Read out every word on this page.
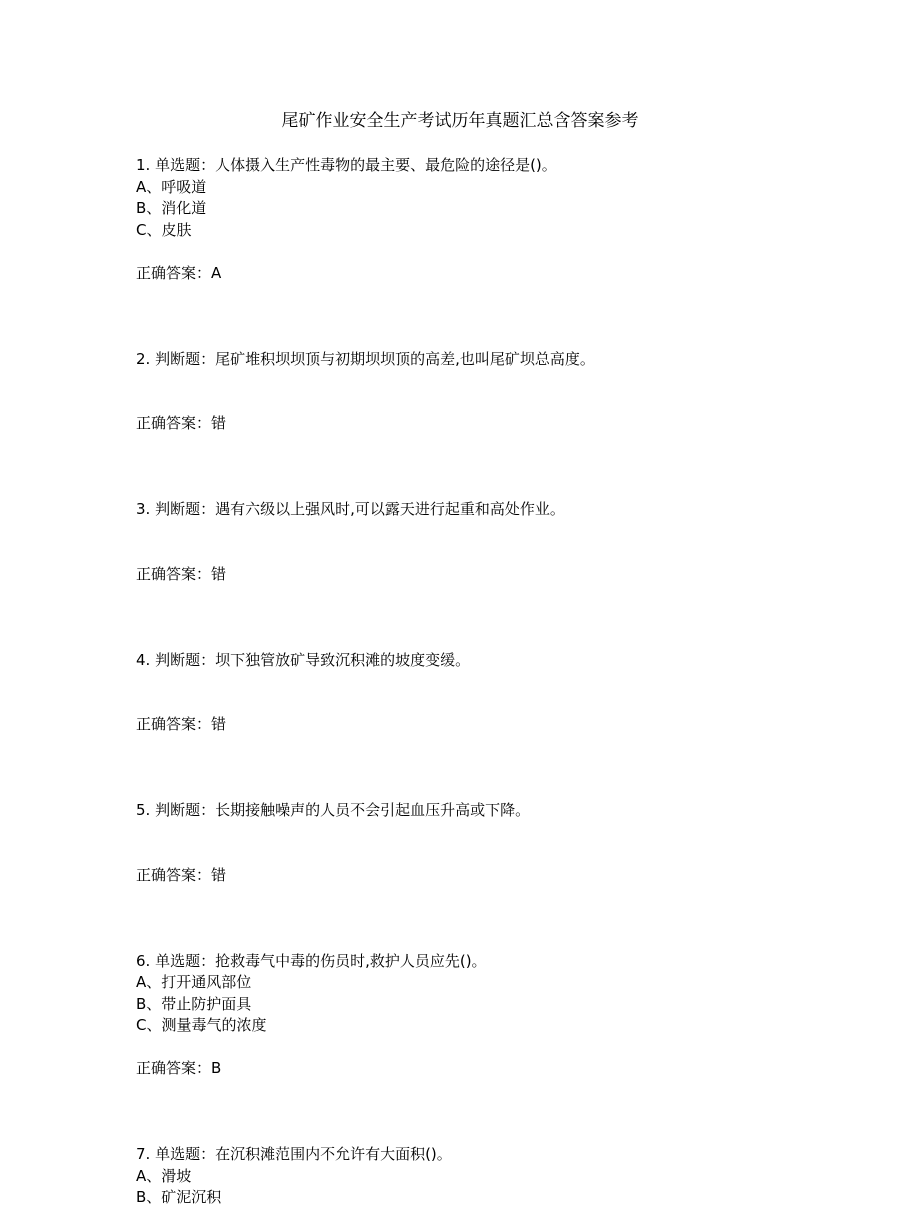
尾矿作业安全生产考试历年真题汇总含答案参考
1. 单选题：人体摄入生产性毒物的最主要、最危险的途径是()。
A、呼吸道
B、消化道
C、皮肤
正确答案：A
2. 判断题：尾矿堆积坝坝顶与初期坝坝顶的高差,也叫尾矿坝总高度。
正确答案：错
3. 判断题：遇有六级以上强风时,可以露天进行起重和高处作业。
正确答案：错
4. 判断题：坝下独管放矿导致沉积滩的坡度变缓。
正确答案：错
5. 判断题：长期接触噪声的人员不会引起血压升高或下降。
正确答案：错
6. 单选题：抢救毒气中毒的伤员时,救护人员应先()。
A、打开通风部位
B、带止防护面具
C、测量毒气的浓度
正确答案：B
7. 单选题：在沉积滩范围内不允许有大面积()。
A、滑坡
B、矿泥沉积
